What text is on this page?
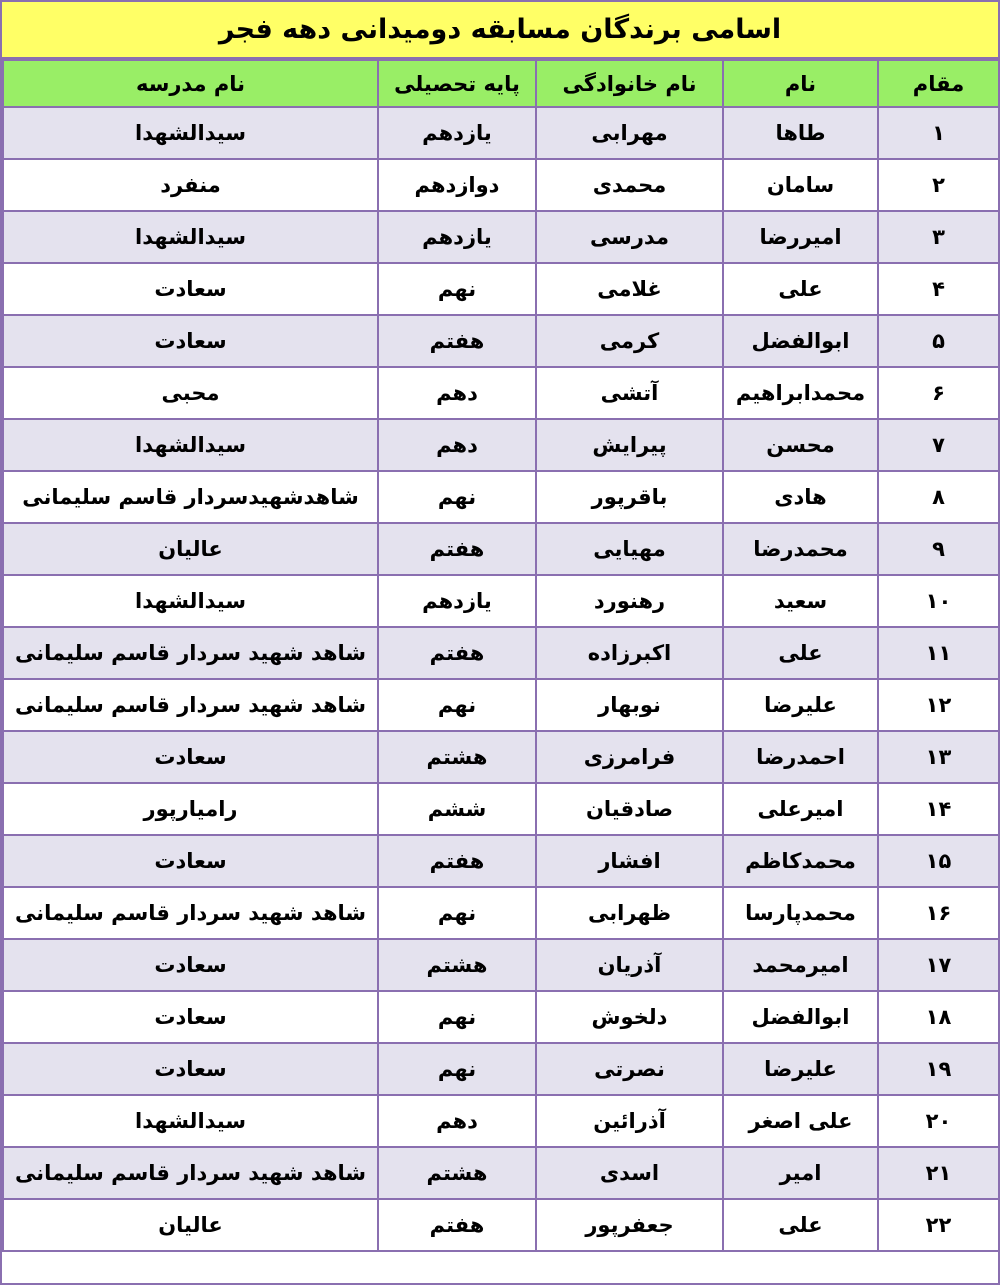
اسامی برندگان مسابقه دومیدانی دهه فجر
مقام	نام	نام خانوادگی	پایه تحصیلی	نام مدرسه
۱	طاها	مهرابی	یازدهم	سیدالشهدا
۲	سامان	محمدی	دوازدهم	منفرد
۳	امیررضا	مدرسی	یازدهم	سیدالشهدا
۴	علی	غلامی	نهم	سعادت
۵	ابوالفضل	کرمی	هفتم	سعادت
۶	محمدابراهیم	آتشی	دهم	محبی
۷	محسن	پیرایش	دهم	سیدالشهدا
۸	هادی	باقرپور	نهم	شاهدشهیدسردار قاسم سلیمانی
۹	محمدرضا	مهیایی	هفتم	عالیان
۱۰	سعید	رهنورد	یازدهم	سیدالشهدا
۱۱	علی	اکبرزاده	هفتم	شاهد شهید سردار قاسم سلیمانی
۱۲	علیرضا	نوبهار	نهم	شاهد شهید سردار قاسم سلیمانی
۱۳	احمدرضا	فرامرزی	هشتم	سعادت
۱۴	امیرعلی	صادقیان	ششم	رامیارپور
۱۵	محمدکاظم	افشار	هفتم	سعادت
۱۶	محمدپارسا	ظهرابی	نهم	شاهد شهید سردار قاسم سلیمانی
۱۷	امیرمحمد	آذریان	هشتم	سعادت
۱۸	ابوالفضل	دلخوش	نهم	سعادت
۱۹	علیرضا	نصرتی	نهم	سعادت
۲۰	علی اصغر	آذرائین	دهم	سیدالشهدا
۲۱	امیر	اسدی	هشتم	شاهد شهید سردار قاسم سلیمانی
۲۲	علی	جعفرپور	هفتم	عالیان
